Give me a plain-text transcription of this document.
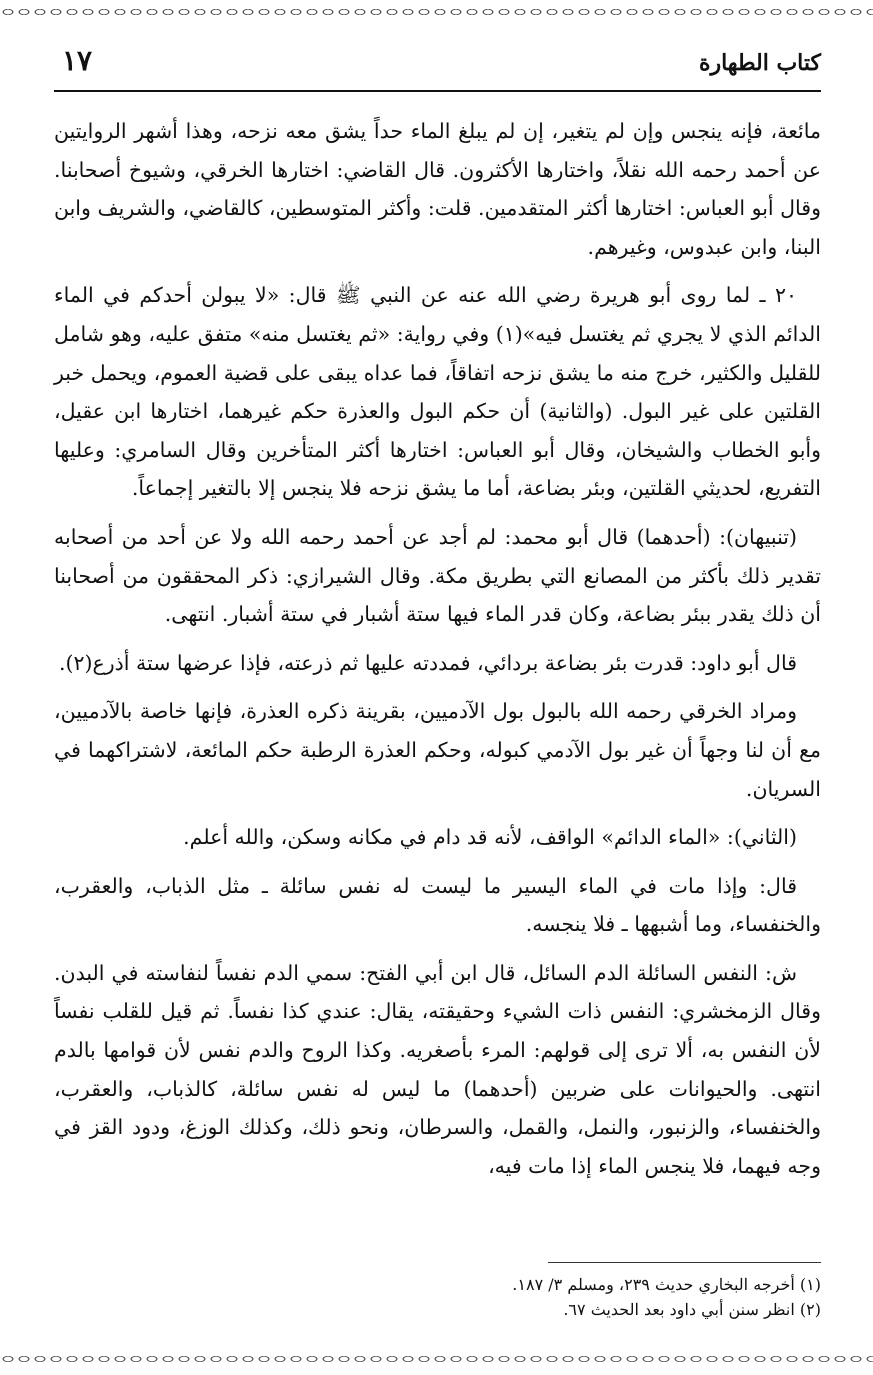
كتاب الطهارة
١٧

مائعة، فإنه ينجس وإن لم يتغير، إن لم يبلغ الماء حداً يشق معه نزحه، وهذا أشهر الروايتين عن أحمد رحمه الله نقلاً، واختارها الأكثرون. قال القاضي: اختارها الخرقي، وشيوخ أصحابنا. وقال أبو العباس: اختارها أكثر المتقدمين. قلت: وأكثر المتوسطين، كالقاضي، والشريف وابن البنا، وابن عبدوس، وغيرهم.

٢٠ ـ لما روى أبو هريرة رضي الله عنه عن النبي ﷺ قال: «لا يبولن أحدكم في الماء الدائم الذي لا يجري ثم يغتسل فيه»(١) وفي رواية: «ثم يغتسل منه» متفق عليه، وهو شامل للقليل والكثير، خرج منه ما يشق نزحه اتفاقاً، فما عداه يبقى على قضية العموم، ويحمل خبر القلتين على غير البول. (والثانية) أن حكم البول والعذرة حكم غيرهما، اختارها ابن عقيل، وأبو الخطاب والشيخان، وقال أبو العباس: اختارها أكثر المتأخرين وقال السامري: وعليها التفريع، لحديثي القلتين، وبئر بضاعة، أما ما يشق نزحه فلا ينجس إلا بالتغير إجماعاً.

(تنبيهان): (أحدهما) قال أبو محمد: لم أجد عن أحمد رحمه الله ولا عن أحد من أصحابه تقدير ذلك بأكثر من المصانع التي بطريق مكة. وقال الشيرازي: ذكر المحققون من أصحابنا أن ذلك يقدر ببئر بضاعة، وكان قدر الماء فيها ستة أشبار في ستة أشبار. انتهى.

قال أبو داود: قدرت بئر بضاعة بردائي، فمددته عليها ثم ذرعته، فإذا عرضها ستة أذرع(٢).

ومراد الخرقي رحمه الله بالبول بول الآدميين، بقرينة ذكره العذرة، فإنها خاصة بالآدميين، مع أن لنا وجهاً أن غير بول الآدمي كبوله، وحكم العذرة الرطبة حكم المائعة، لاشتراكهما في السريان.

(الثاني): «الماء الدائم» الواقف، لأنه قد دام في مكانه وسكن، والله أعلم.

قال: وإذا مات في الماء اليسير ما ليست له نفس سائلة ـ مثل الذباب، والعقرب، والخنفساء، وما أشبهها ـ فلا ينجسه.

ش: النفس السائلة الدم السائل، قال ابن أبي الفتح: سمي الدم نفساً لنفاسته في البدن. وقال الزمخشري: النفس ذات الشيء وحقيقته، يقال: عندي كذا نفساً. ثم قيل للقلب نفساً لأن النفس به، ألا ترى إلى قولهم: المرء بأصغريه. وكذا الروح والدم نفس لأن قوامها بالدم انتهى. والحيوانات على ضربين (أحدهما) ما ليس له نفس سائلة، كالذباب، والعقرب، والخنفساء، والزنبور، والنمل، والقمل، والسرطان، ونحو ذلك، وكذلك الوزغ، ودود القز في وجه فيهما، فلا ينجس الماء إذا مات فيه،

(١) أخرجه البخاري حديث ٢٣٩، ومسلم ٣/ ١٨٧.
(٢) انظر سنن أبي داود بعد الحديث ٦٧.
